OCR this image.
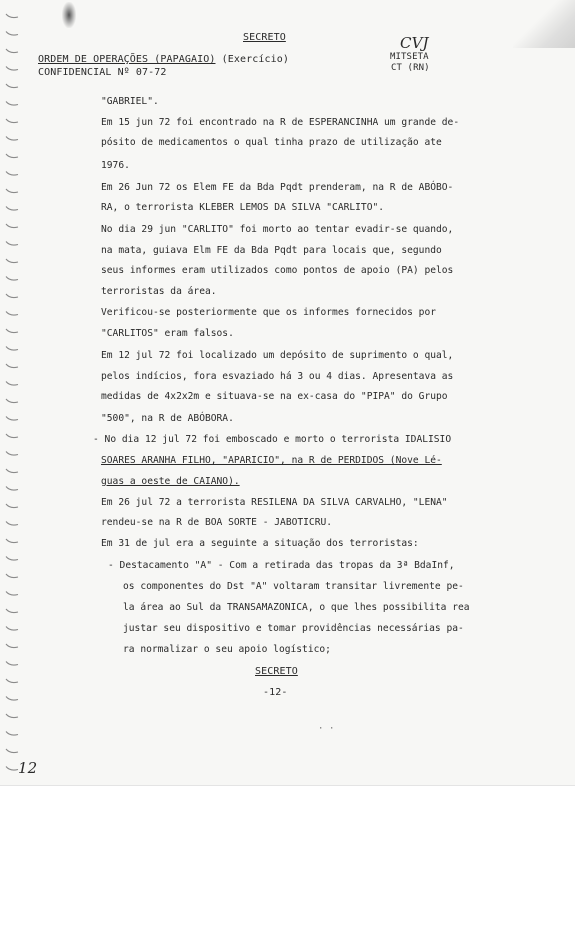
SECRETO
ORDEM DE OPERAÇÕES (PAPAGAIO) (Exercício)
CONFIDENCIAL Nº 07-72
CVJ
MITSETA
CT (RN)
"GABRIEL".
Em 15 jun 72 foi encontrado na R de ESPERANCINHA um grande de-
pósito de medicamentos o qual tinha prazo de utilização ate
1976.
Em 26 Jun 72 os Elem FE da Bda Pqdt prenderam, na R de ABÓBO-
RA, o terrorista KLEBER LEMOS DA SILVA "CARLITO".
No dia 29 jun "CARLITO" foi morto ao tentar evadir-se quando,
na mata, guiava Elm FE da Bda Pqdt para locais que, segundo
seus informes eram utilizados como pontos de apoio (PA) pelos
terroristas da área.
Verificou-se posteriormente que os informes fornecidos por
"CARLITOS" eram falsos.
Em 12 jul 72 foi localizado um depósito de suprimento o qual,
pelos indícios, fora esvaziado há 3 ou 4 dias. Apresentava as
medidas de 4x2x2m e situava-se na ex-casa do "PIPA" do Grupo
"500", na R de ABÓBORA.
- No dia 12 jul 72 foi emboscado e morto o terrorista IDALISIO
SOARES ARANHA FILHO, "APARICIO", na R de PERDIDOS (Nove Lé-
guas a oeste de CAIANO).
Em 26 jul 72 a terrorista RESILENA DA SILVA CARVALHO, "LENA"
rendeu-se na R de BOA SORTE - JABOTICRU.
Em 31 de jul era a seguinte a situação dos terroristas:
- Destacamento "A" - Com a retirada das tropas da 3ª BdaInf,
os componentes do Dst "A" voltaram transitar livremente pe-
la área ao Sul da TRANSAMAZONICA, o que lhes possibilita rea
justar seu dispositivo e tomar providências necessárias pa-
ra normalizar o seu apoio logístico;
SECRETO
-12-
· ·
12
